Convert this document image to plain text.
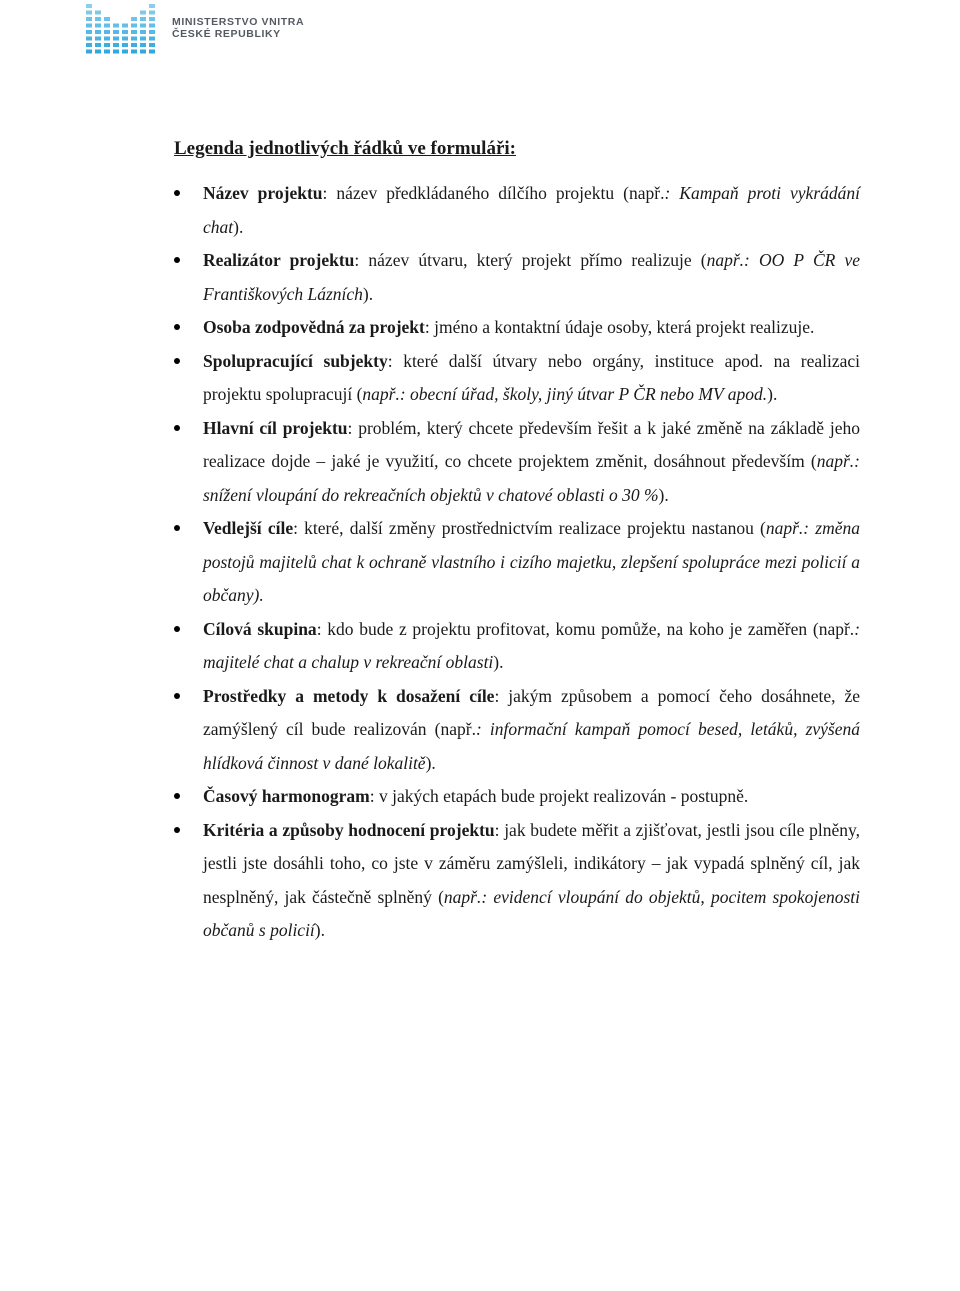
MINISTERSTVO VNITRA
ČESKÉ REPUBLIKY
Legenda jednotlivých řádků ve formuláři:
Název projektu: název předkládaného dílčího projektu (např.: Kampaň proti vykrádání chat).
Realizátor projektu: název útvaru, který projekt přímo realizuje (např.: OO P ČR ve Františkových Lázních).
Osoba zodpovědná za projekt: jméno a kontaktní údaje osoby, která projekt realizuje.
Spolupracující subjekty: které další útvary nebo orgány, instituce apod. na realizaci projektu spolupracují (např.: obecní úřad, školy, jiný útvar P ČR nebo MV apod.).
Hlavní cíl projektu: problém, který chcete především řešit a k jaké změně na základě jeho realizace dojde – jaké je využití, co chcete projektem změnit, dosáhnout především (např.: snížení vloupání do rekreačních objektů v chatové oblasti o 30 %).
Vedlejší cíle: které, další změny prostřednictvím realizace projektu nastanou (např.: změna postojů majitelů chat k ochraně vlastního i cizího majetku, zlepšení spolupráce mezi policií a občany).
Cílová skupina: kdo bude z projektu profitovat, komu pomůže, na koho je zaměřen (např.: majitelé chat a chalup v rekreační oblasti).
Prostředky a metody k dosažení cíle: jakým způsobem a pomocí čeho dosáhnete, že zamýšlený cíl bude realizován (např.: informační kampaň pomocí besed, letáků, zvýšená hlídková činnost v dané lokalitě).
Časový harmonogram: v jakých etapách bude projekt realizován - postupně.
Kritéria a způsoby hodnocení projektu: jak budete měřit a zjišťovat, jestli jsou cíle plněny, jestli jste dosáhli toho, co jste v záměru zamýšleli, indikátory – jak vypadá splněný cíl, jak nesplněný, jak částečně splněný (např.: evidencí vloupání do objektů, pocitem spokojenosti občanů s policií).
